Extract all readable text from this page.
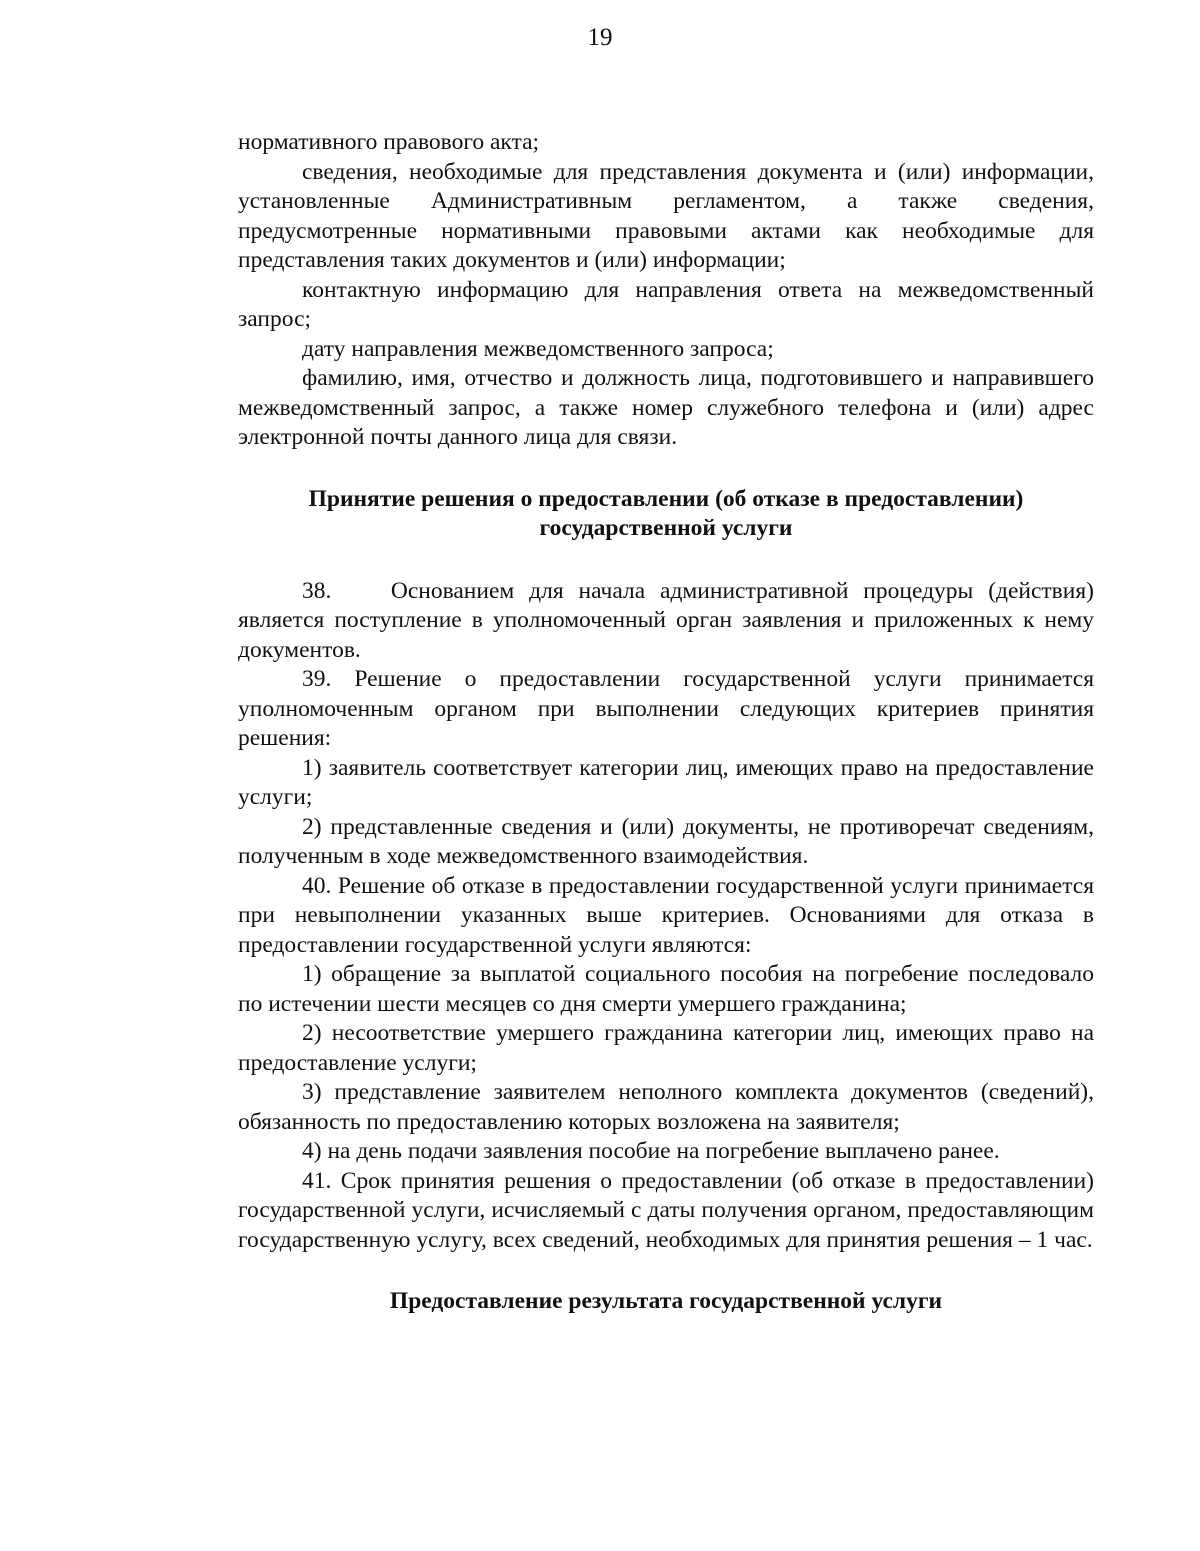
19

нормативного правового акта;

сведения, необходимые для представления документа и (или) информации, установленные Административным регламентом, а также сведения, предусмотренные нормативными правовыми актами как необходимые для представления таких документов и (или) информации;

контактную информацию для направления ответа на межведомственный запрос;

дату направления межведомственного запроса;

фамилию, имя, отчество и должность лица, подготовившего и направившего межведомственный запрос, а также номер служебного телефона и (или) адрес электронной почты данного лица для связи.

Принятие решения о предоставлении (об отказе в предоставлении)
государственной услуги

38.    Основанием для начала административной процедуры (действия) является поступление в уполномоченный орган заявления и приложенных к нему документов.

39. Решение о предоставлении государственной услуги принимается уполномоченным органом при выполнении следующих критериев принятия решения:

1) заявитель соответствует категории лиц, имеющих право на предоставление услуги;

2) представленные сведения и (или) документы, не противоречат сведениям, полученным в ходе межведомственного взаимодействия.

40. Решение об отказе в предоставлении государственной услуги принимается при невыполнении указанных выше критериев. Основаниями для отказа в предоставлении государственной услуги являются:

1) обращение за выплатой социального пособия на погребение последовало по истечении шести месяцев со дня смерти умершего гражданина;

2) несоответствие умершего гражданина категории лиц, имеющих право на предоставление услуги;

3) представление заявителем неполного комплекта документов (сведений), обязанность по предоставлению которых возложена на заявителя;

4) на день подачи заявления пособие на погребение выплачено ранее.

41. Срок принятия решения о предоставлении (об отказе в предоставлении) государственной услуги, исчисляемый с даты получения органом, предоставляющим государственную услугу, всех сведений, необходимых для принятия решения – 1 час.

Предоставление результата государственной услуги
